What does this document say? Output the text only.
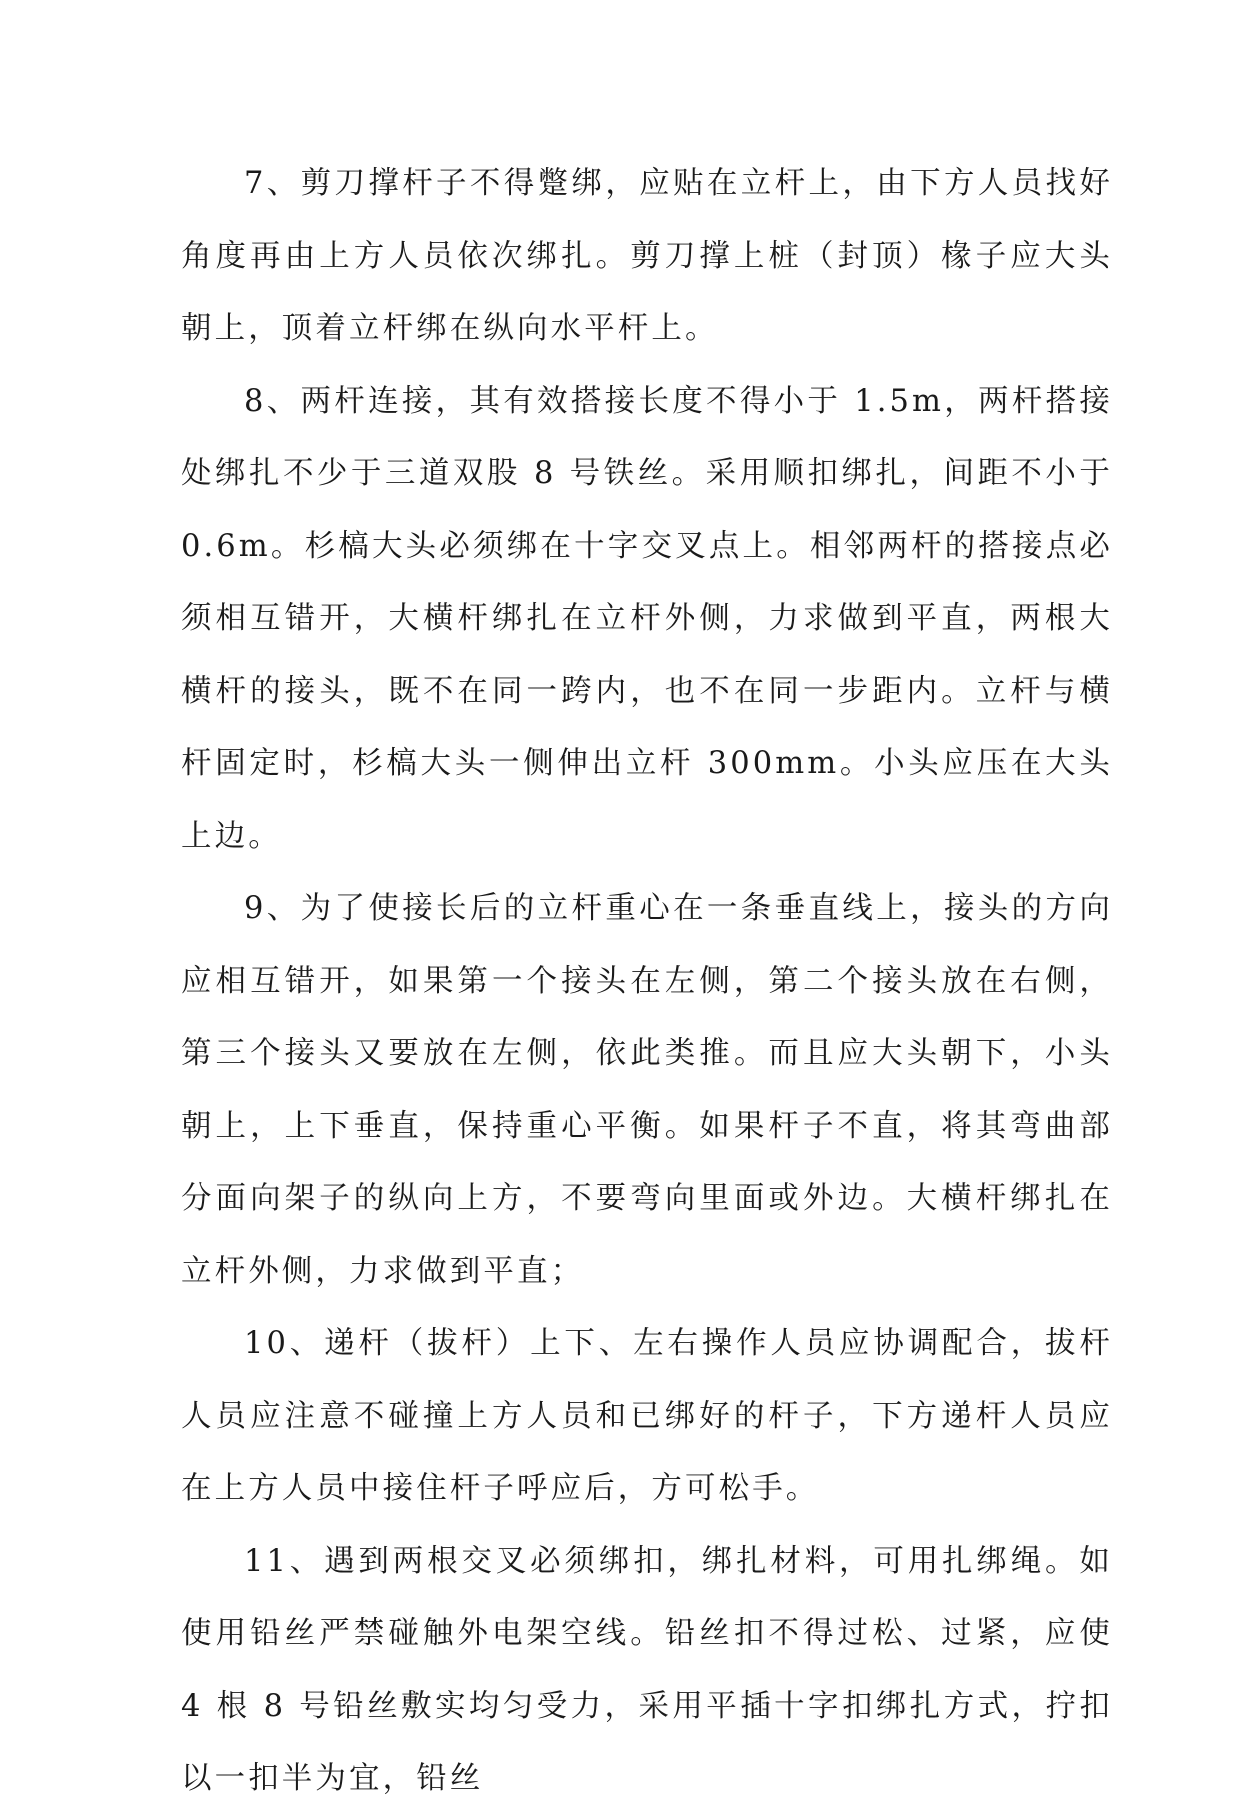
7、剪刀撑杆子不得蹩绑，应贴在立杆上，由下方人员找好角度再由上方人员依次绑扎。剪刀撑上桩（封顶）椽子应大头朝上，顶着立杆绑在纵向水平杆上。

8、两杆连接，其有效搭接长度不得小于 1.5m，两杆搭接处绑扎不少于三道双股 8 号铁丝。采用顺扣绑扎，间距不小于 0.6m。杉槁大头必须绑在十字交叉点上。相邻两杆的搭接点必须相互错开，大横杆绑扎在立杆外侧，力求做到平直，两根大横杆的接头，既不在同一跨内，也不在同一步距内。立杆与横杆固定时，杉槁大头一侧伸出立杆 300mm。小头应压在大头上边。

9、为了使接长后的立杆重心在一条垂直线上，接头的方向应相互错开，如果第一个接头在左侧，第二个接头放在右侧，第三个接头又要放在左侧，依此类推。而且应大头朝下，小头朝上，上下垂直，保持重心平衡。如果杆子不直，将其弯曲部分面向架子的纵向上方，不要弯向里面或外边。大横杆绑扎在立杆外侧，力求做到平直；

10、递杆（拔杆）上下、左右操作人员应协调配合，拔杆人员应注意不碰撞上方人员和已绑好的杆子，下方递杆人员应在上方人员中接住杆子呼应后，方可松手。

11、遇到两根交叉必须绑扣，绑扎材料，可用扎绑绳。如使用铅丝严禁碰触外电架空线。铅丝扣不得过松、过紧，应使 4 根 8 号铅丝敷实均匀受力，采用平插十字扣绑扎方式，拧扣以一扣半为宜，铅丝
